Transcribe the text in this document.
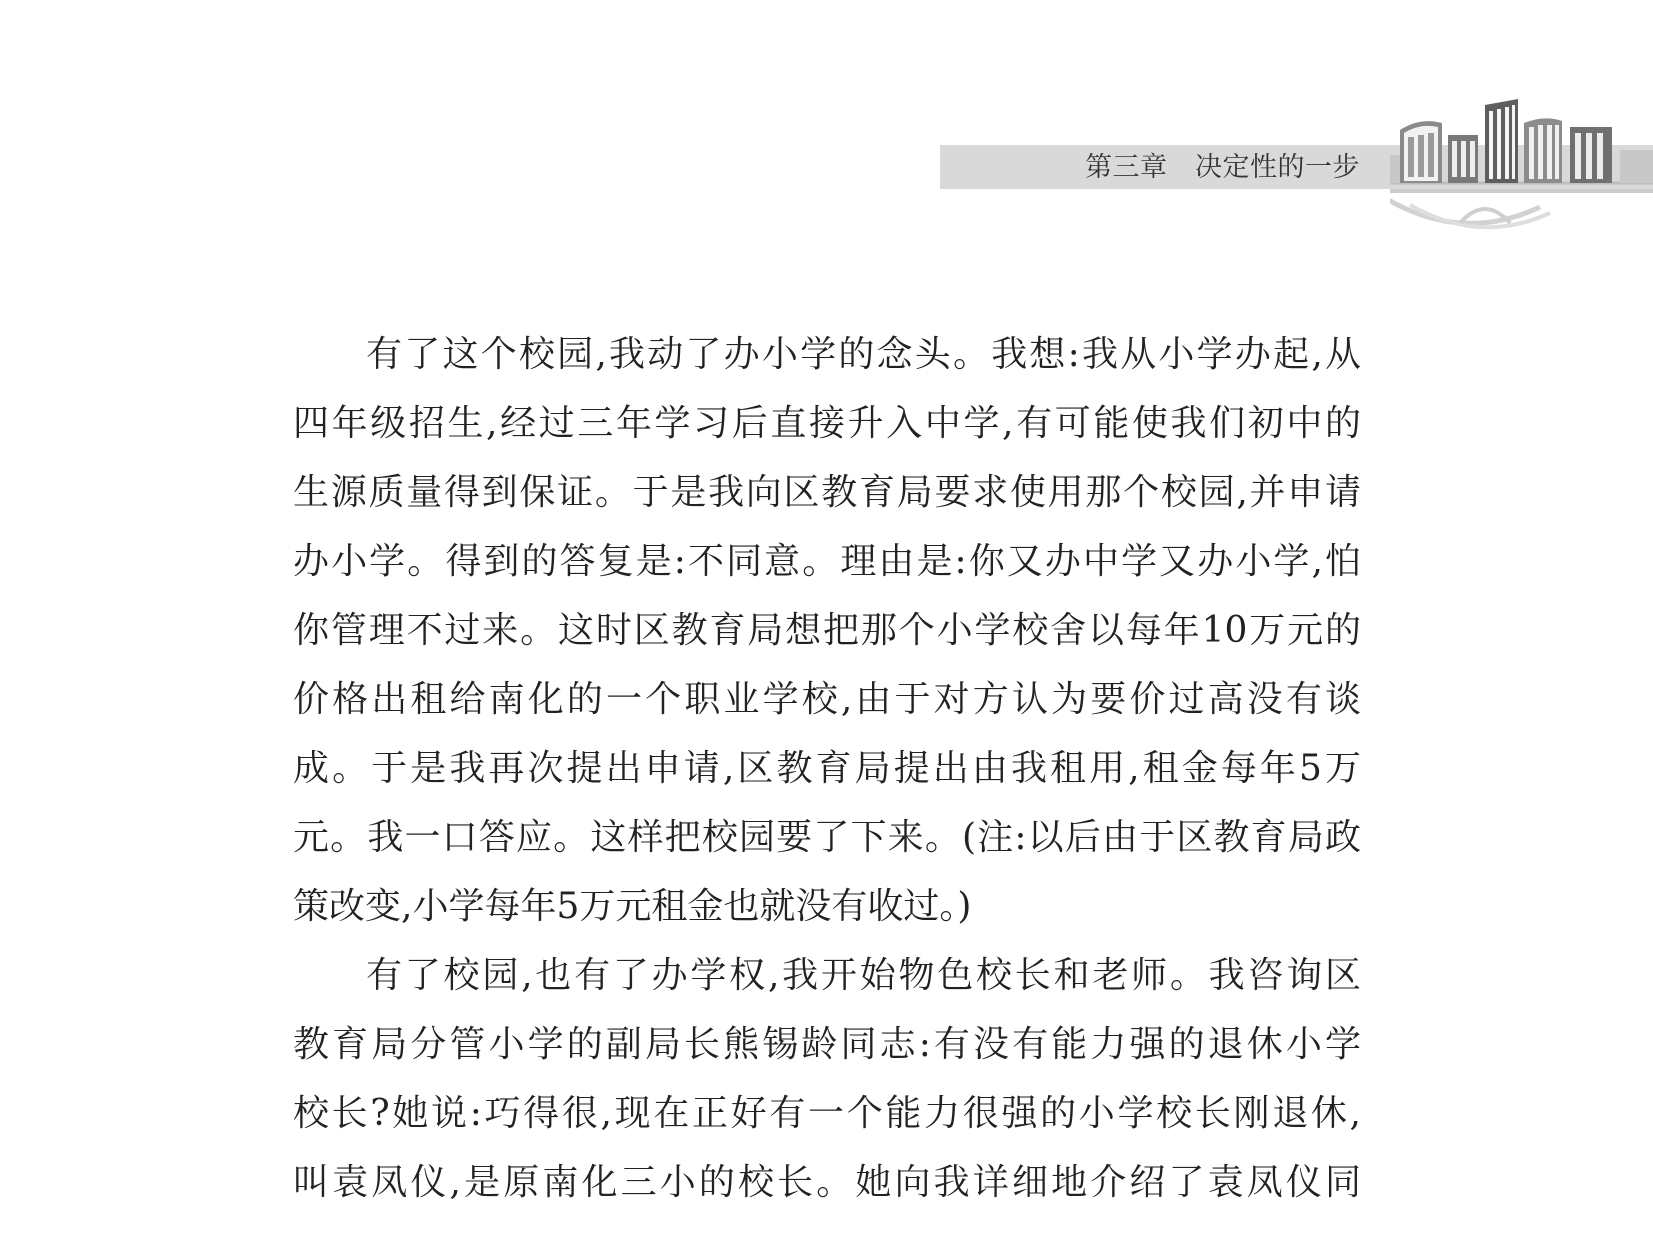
第三章　决定性的一步
有了这个校园,我动了办小学的念头。我想:我从小学办起,从
四年级招生,经过三年学习后直接升入中学,有可能使我们初中的
生源质量得到保证。于是我向区教育局要求使用那个校园,并申请
办小学。得到的答复是:不同意。理由是:你又办中学又办小学,怕
你管理不过来。这时区教育局想把那个小学校舍以每年10万元的
价格出租给南化的一个职业学校,由于对方认为要价过高没有谈
成。于是我再次提出申请,区教育局提出由我租用,租金每年5万
元。我一口答应。这样把校园要了下来。(注:以后由于区教育局政
策改变,小学每年5万元租金也就没有收过。)
有了校园,也有了办学权,我开始物色校长和老师。我咨询区
教育局分管小学的副局长熊锡龄同志:有没有能力强的退休小学
校长?她说:巧得很,现在正好有一个能力很强的小学校长刚退休,
叫袁凤仪,是原南化三小的校长。她向我详细地介绍了袁凤仪同
